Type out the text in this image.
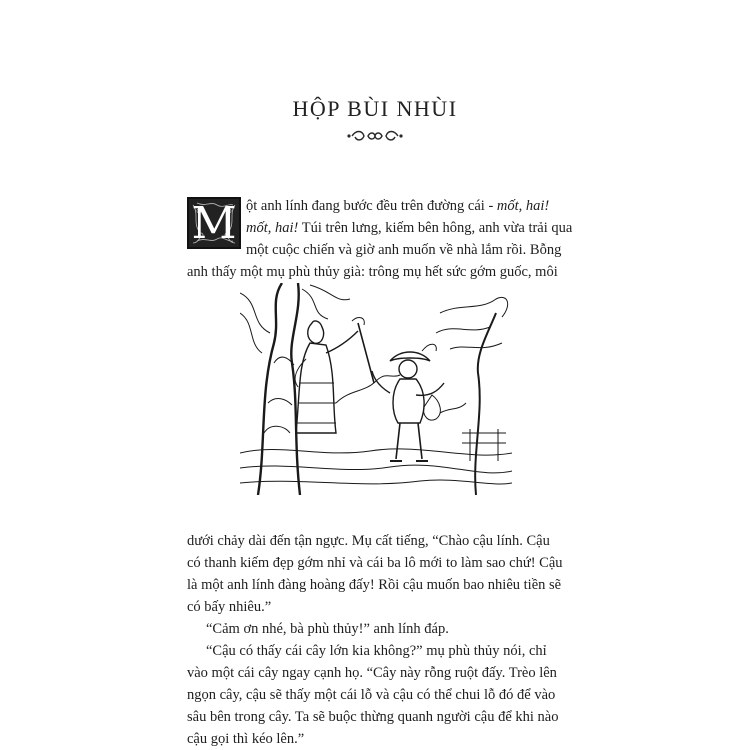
HỘP BÙI NHÙI
M ột anh lính đang bước đều trên đường cái - mốt, hai!
mốt, hai! Túi trên lưng, kiếm bên hông, anh vừa trải qua
một cuộc chiến và giờ anh muốn về nhà lắm rồi. Bỗng
anh thấy một mụ phù thủy già: trông mụ hết sức gớm guốc, môi
dưới chảy dài đến tận ngực. Mụ cất tiếng, “Chào cậu lính. Cậu
có thanh kiếm đẹp gớm nhỉ và cái ba lô mới to làm sao chứ! Cậu
là một anh lính đàng hoàng đấy! Rồi cậu muốn bao nhiêu tiền sẽ
có bấy nhiêu.”
“Cảm ơn nhé, bà phù thủy!” anh lính đáp.
“Cậu có thấy cái cây lớn kia không?” mụ phù thủy nói, chỉ
vào một cái cây ngay cạnh họ. “Cây này rỗng ruột đấy. Trèo lên
ngọn cây, cậu sẽ thấy một cái lỗ và cậu có thể chui lỗ đó để vào
sâu bên trong cây. Ta sẽ buộc thừng quanh người cậu để khi nào
cậu gọi thì kéo lên.”
